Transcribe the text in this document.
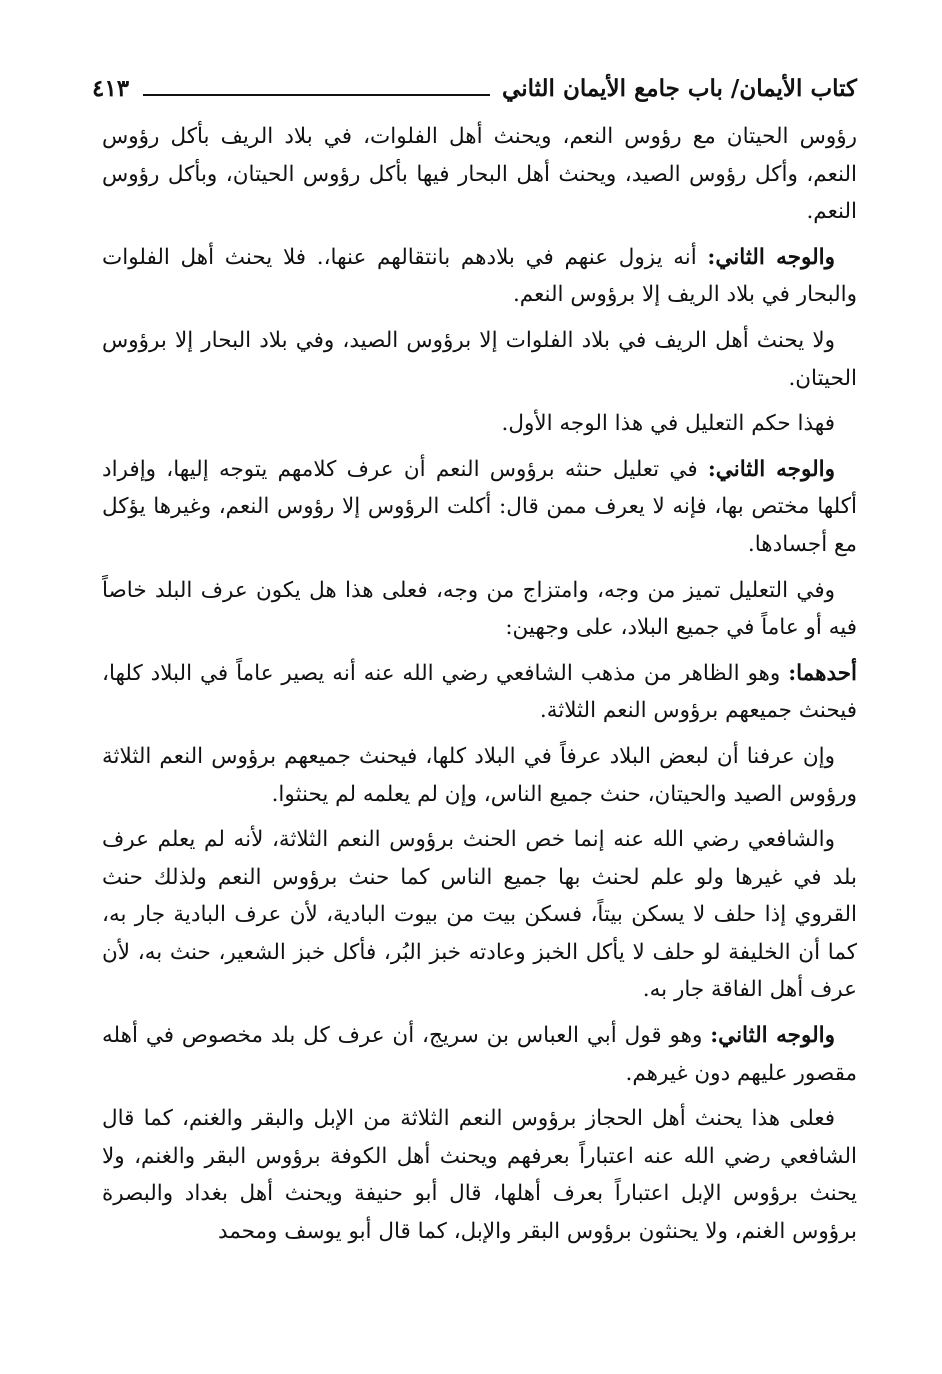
كتاب الأيمان/ باب جامع الأيمان الثاني
٤١٣

رؤوس الحيتان مع رؤوس النعم، ويحنث أهل الفلوات، في بلاد الريف بأكل رؤوس النعم، وأكل رؤوس الصيد، ويحنث أهل البحار فيها بأكل رؤوس الحيتان، وبأكل رؤوس النعم.

والوجه الثاني: أنه يزول عنهم في بلادهم بانتقالهم عنها،. فلا يحنث أهل الفلوات والبحار في بلاد الريف إلا برؤوس النعم.

ولا يحنث أهل الريف في بلاد الفلوات إلا برؤوس الصيد، وفي بلاد البحار إلا برؤوس الحيتان.

فهذا حكم التعليل في هذا الوجه الأول.

والوجه الثاني: في تعليل حنثه برؤوس النعم أن عرف كلامهم يتوجه إليها، وإفراد أكلها مختص بها، فإنه لا يعرف ممن قال: أكلت الرؤوس إلا رؤوس النعم، وغيرها يؤكل مع أجسادها.

وفي التعليل تميز من وجه، وامتزاج من وجه، فعلى هذا هل يكون عرف البلد خاصاً فيه أو عاماً في جميع البلاد، على وجهين:

أحدهما: وهو الظاهر من مذهب الشافعي رضي الله عنه أنه يصير عاماً في البلاد كلها، فيحنث جميعهم برؤوس النعم الثلاثة.

وإن عرفنا أن لبعض البلاد عرفاً في البلاد كلها، فيحنث جميعهم برؤوس النعم الثلاثة ورؤوس الصيد والحيتان، حنث جميع الناس، وإن لم يعلمه لم يحنثوا.

والشافعي رضي الله عنه إنما خص الحنث برؤوس النعم الثلاثة، لأنه لم يعلم عرف بلد في غيرها ولو علم لحنث بها جميع الناس كما حنث برؤوس النعم ولذلك حنث القروي إذا حلف لا يسكن بيتاً، فسكن بيت من بيوت البادية، لأن عرف البادية جار به، كما أن الخليفة لو حلف لا يأكل الخبز وعادته خبز البُر، فأكل خبز الشعير، حنث به، لأن عرف أهل الفاقة جار به.

والوجه الثاني: وهو قول أبي العباس بن سريج، أن عرف كل بلد مخصوص في أهله مقصور عليهم دون غيرهم.

فعلى هذا يحنث أهل الحجاز برؤوس النعم الثلاثة من الإبل والبقر والغنم، كما قال الشافعي رضي الله عنه اعتباراً بعرفهم ويحنث أهل الكوفة برؤوس البقر والغنم، ولا يحنث برؤوس الإبل اعتباراً بعرف أهلها، قال أبو حنيفة ويحنث أهل بغداد والبصرة برؤوس الغنم، ولا يحنثون برؤوس البقر والإبل، كما قال أبو يوسف ومحمد
